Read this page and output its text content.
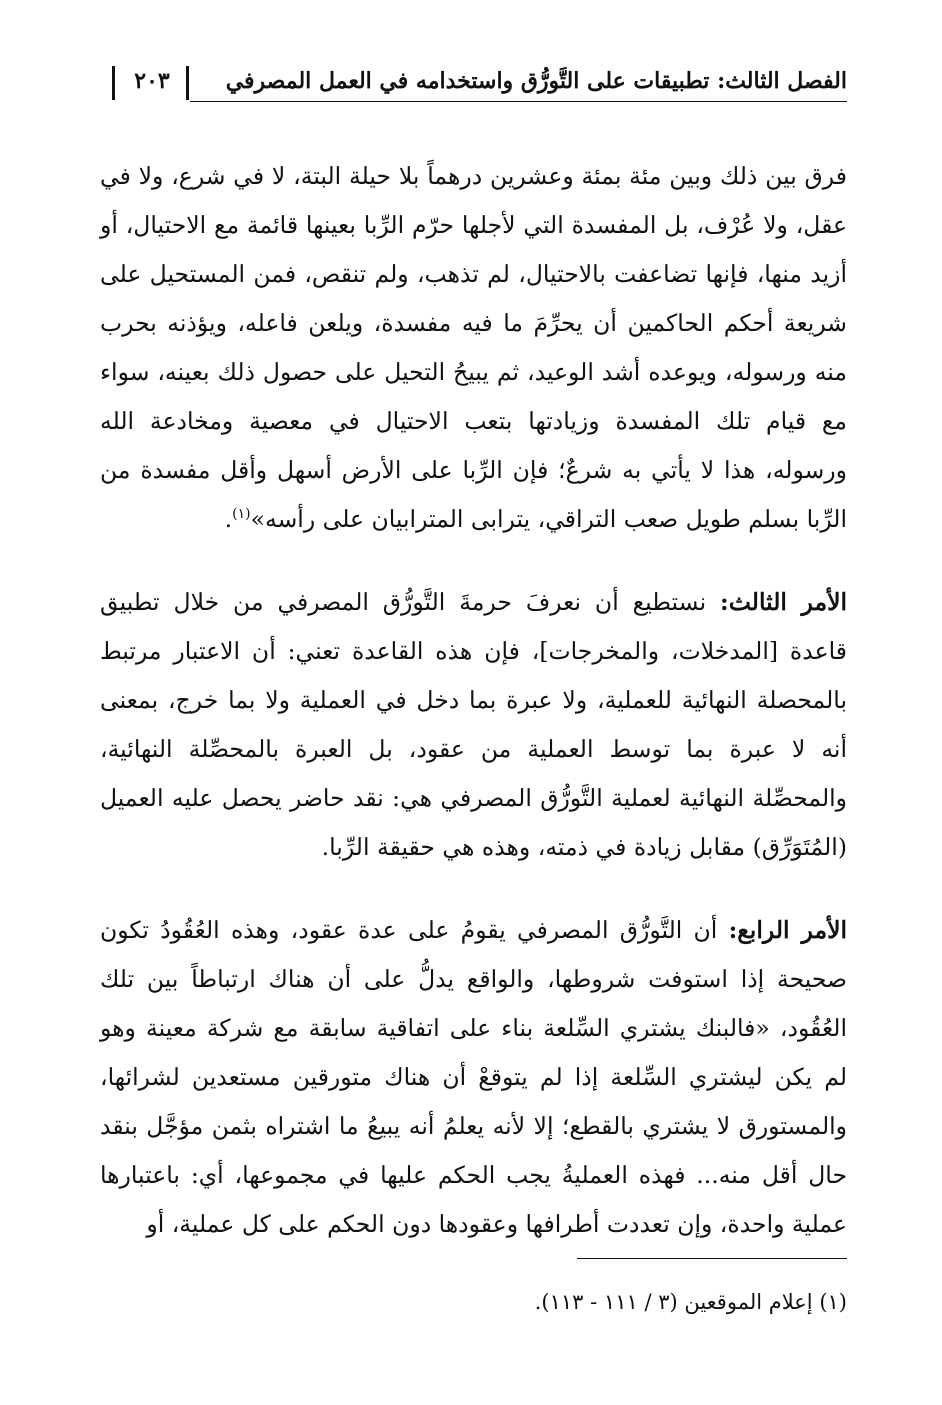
الفصل الثالث: تطبيقات على التَّورُّق واستخدامه في العمل المصرفي
٢٠٣

فرق بين ذلك وبين مئة بمئة وعشرين درهماً بلا حيلة البتة، لا في شرع، ولا في عقل، ولا عُرْف، بل المفسدة التي لأجلها حرّم الرِّبا بعينها قائمة مع الاحتيال، أو أزيد منها، فإنها تضاعفت بالاحتيال، لم تذهب، ولم تنقص، فمن المستحيل على شريعة أحكم الحاكمين أن يحرِّمَ ما فيه مفسدة، ويلعن فاعله، ويؤذنه بحرب منه ورسوله، ويوعده أشد الوعيد، ثم يبيحُ التحيل على حصول ذلك بعينه، سواء مع قيام تلك المفسدة وزيادتها بتعب الاحتيال في معصية ومخادعة الله ورسوله، هذا لا يأتي به شرعٌ؛ فإن الرِّبا على الأرض أسهل وأقل مفسدة من الرِّبا بسلم طويل صعب التراقي، يترابى المترابيان على رأسه»$^{(١)}$.

الأمر الثالث: نستطيع أن نعرفَ حرمةَ التَّورُّق المصرفي من خلال تطبيق قاعدة [المدخلات، والمخرجات]، فإن هذه القاعدة تعني: أن الاعتبار مرتبط بالمحصلة النهائية للعملية، ولا عبرة بما دخل في العملية ولا بما خرج، بمعنى أنه لا عبرة بما توسط العملية من عقود، بل العبرة بالمحصِّلة النهائية، والمحصِّلة النهائية لعملية التَّورُّق المصرفي هي: نقد حاضر يحصل عليه العميل (المُتَوَرِّق) مقابل زيادة في ذمته، وهذه هي حقيقة الرِّبا.

الأمر الرابع: أن التَّورُّق المصرفي يقومُ على عدة عقود، وهذه العُقُودُ تكون صحيحة إذا استوفت شروطها، والواقع يدلُّ على أن هناك ارتباطاً بين تلك العُقُود، «فالبنك يشتري السِّلعة بناء على اتفاقية سابقة مع شركة معينة وهو لم يكن ليشتري السِّلعة إذا لم يتوقعْ أن هناك متورقين مستعدين لشرائها، والمستورق لا يشتري بالقطع؛ إلا لأنه يعلمُ أنه يبيعُ ما اشتراه بثمن مؤجَّل بنقد حال أقل منه... فهذه العمليةُ يجب الحكم عليها في مجموعها، أي: باعتبارها عملية واحدة، وإن تعددت أطرافها وعقودها دون الحكم على كل عملية، أو

(١) إعلام الموقعين (٣ / ١١١ - ١١٣).
